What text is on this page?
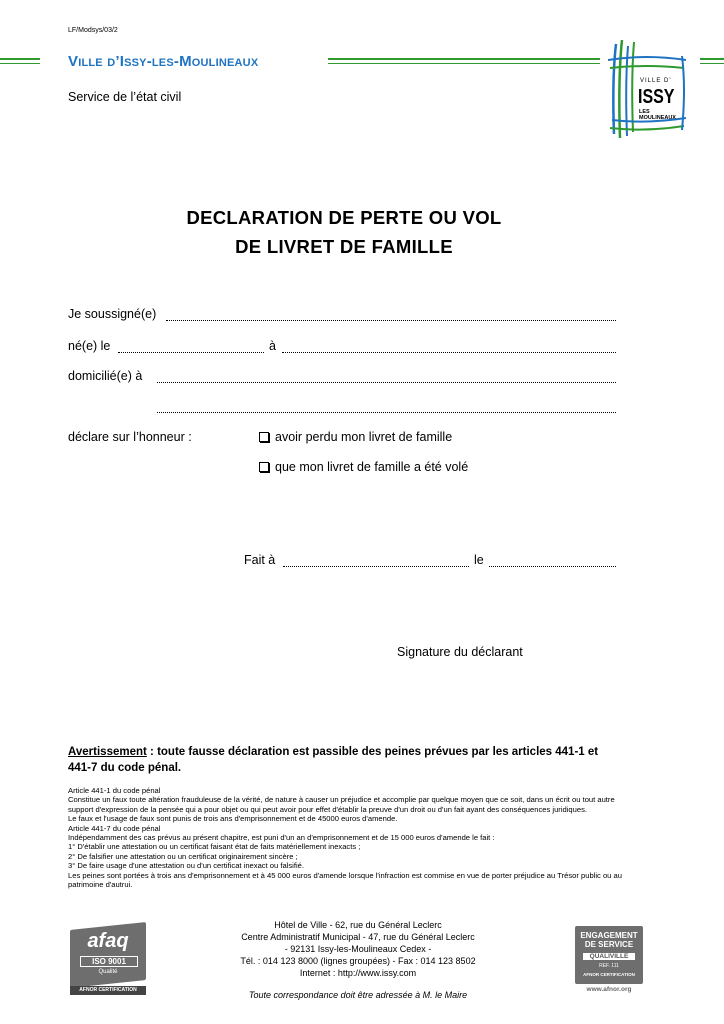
LF/Modsys/03/2
Ville d’Issy-les-Moulineaux
Service de l’état civil
VILLE D'
ISSY
LES MOULINEAUX
DECLARATION DE PERTE OU VOL
DE LIVRET DE FAMILLE
Je soussigné(e)
né(e) le	à
domicilié(e) à
déclare sur l’honneur :	avoir perdu mon livret de famille
que mon livret de famille a été volé
Fait à	le
Signature du déclarant
Avertissement : toute fausse déclaration est passible des peines prévues par les articles 441-1 et 441-7 du code pénal.
Article 441-1 du code pénal
Constitue un faux toute altération frauduleuse de la vérité, de nature à causer un préjudice et accomplie par quelque moyen que ce soit, dans un écrit ou tout autre support d'expression de la pensée qui a pour objet ou qui peut avoir pour effet d'établir la preuve d'un droit ou d'un fait ayant des conséquences juridiques.
Le faux et l'usage de faux sont punis de trois ans d'emprisonnement et de 45000 euros d'amende.
Article 441-7 du code pénal
Indépendamment des cas prévus au présent chapitre, est puni d'un an d'emprisonnement et de 15 000 euros d'amende le fait :
1° D'établir une attestation ou un certificat faisant état de faits matériellement inexacts ;
2° De falsifier une attestation ou un certificat originairement sincère ;
3° De faire usage d'une attestation ou d'un certificat inexact ou falsifié.
Les peines sont portées à trois ans d'emprisonnement et à 45 000 euros d'amende lorsque l'infraction est commise en vue de porter préjudice au Trésor public ou au patrimoine d'autrui.
Hôtel de Ville - 62, rue du Général Leclerc
Centre Administratif Municipal - 47, rue du Général Leclerc
- 92131 Issy-les-Moulineaux Cedex -
Tél. : 014 123 8000 (lignes groupées) - Fax : 014 123 8502
Internet : http://www.issy.com
Toute correspondance doit être adressée à M. le Maire
afaq
ISO 9001
Qualité
AFNOR CERTIFICATION
ENGAGEMENT
DE SERVICE
QUALIVILLE
REF. 111
AFNOR CERTIFICATION
www.afnor.org
